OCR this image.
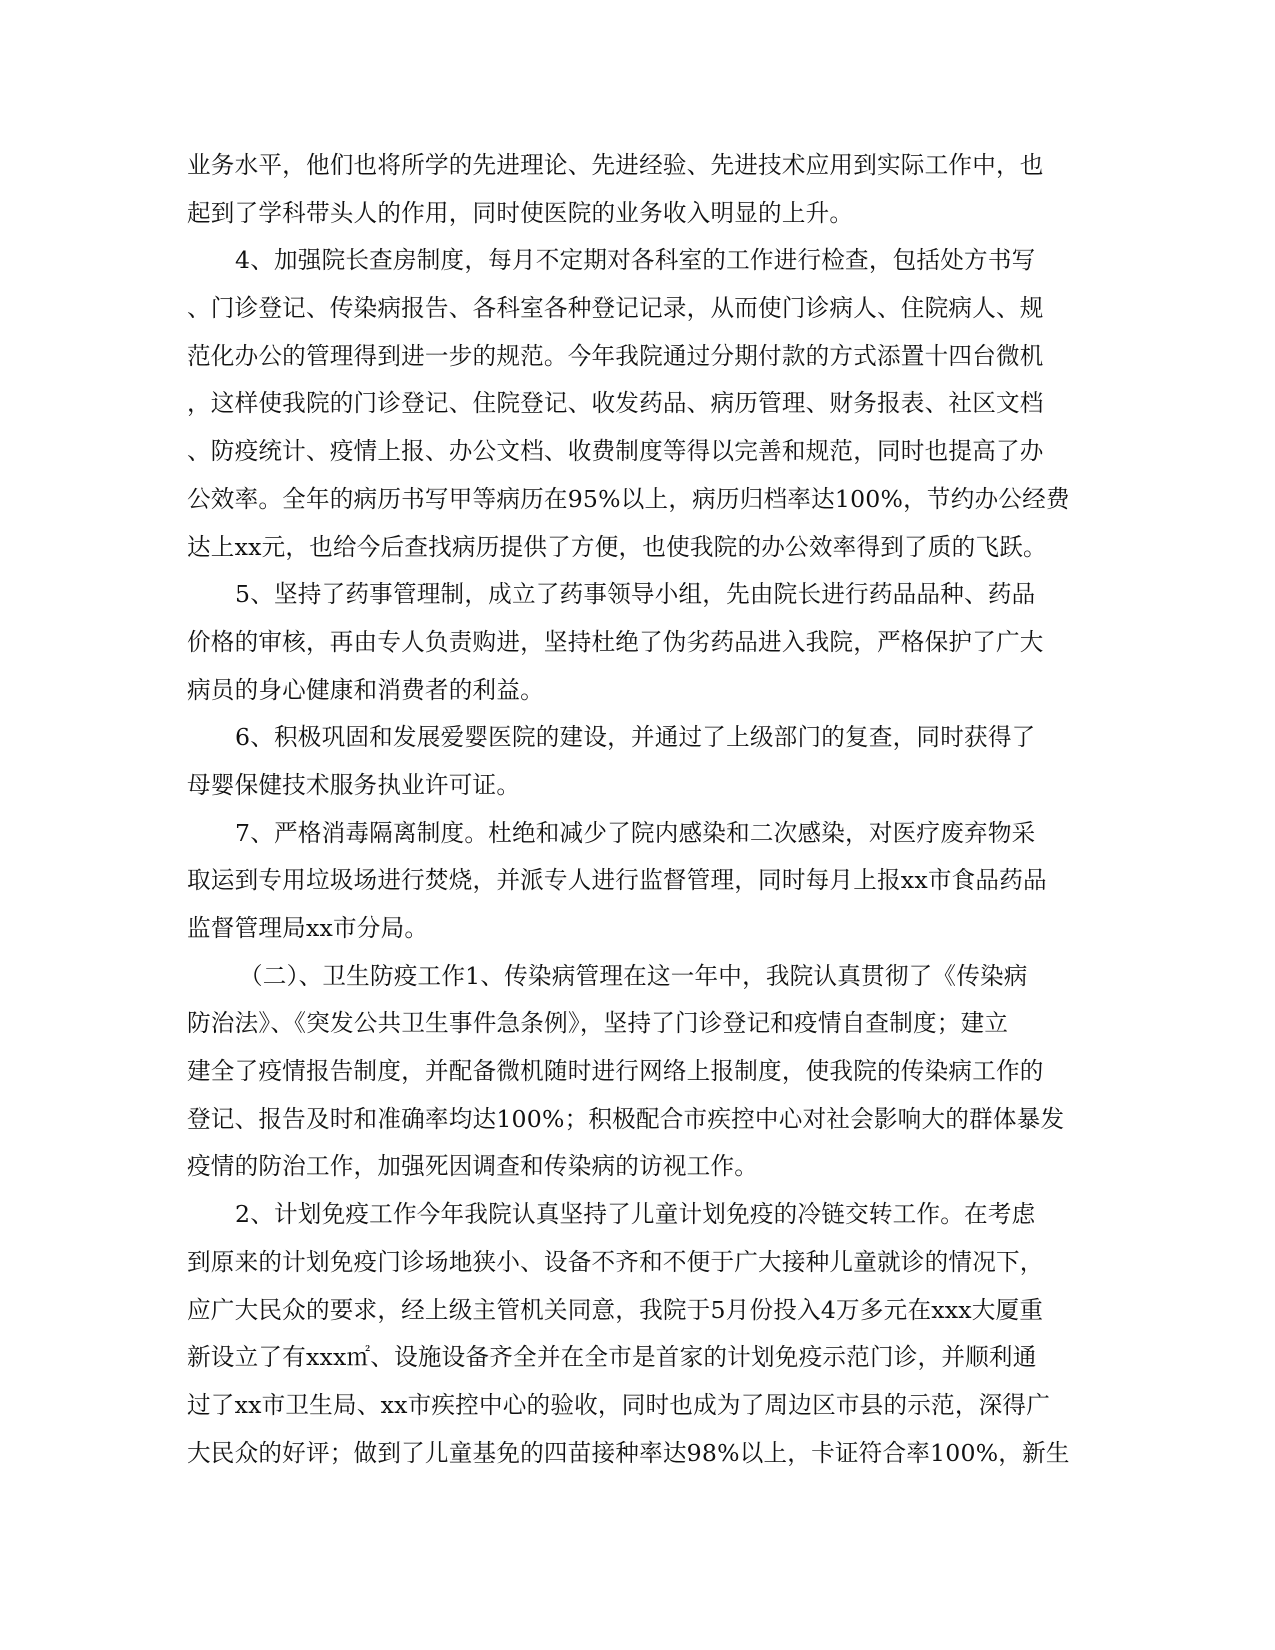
业务水平，他们也将所学的先进理论、先进经验、先进技术应用到实际工作中，也
起到了学科带头人的作用，同时使医院的业务收入明显的上升。
4、加强院长查房制度，每月不定期对各科室的工作进行检查，包括处方书写
、门诊登记、传染病报告、各科室各种登记记录，从而使门诊病人、住院病人、规
范化办公的管理得到进一步的规范。今年我院通过分期付款的方式添置十四台微机
，这样使我院的门诊登记、住院登记、收发药品、病历管理、财务报表、社区文档
、防疫统计、疫情上报、办公文档、收费制度等得以完善和规范，同时也提高了办
公效率。全年的病历书写甲等病历在95%以上，病历归档率达100%，节约办公经费
达上xx元，也给今后查找病历提供了方便，也使我院的办公效率得到了质的飞跃。
5、坚持了药事管理制，成立了药事领导小组，先由院长进行药品品种、药品
价格的审核，再由专人负责购进，坚持杜绝了伪劣药品进入我院，严格保护了广大
病员的身心健康和消费者的利益。
6、积极巩固和发展爱婴医院的建设，并通过了上级部门的复查，同时获得了
母婴保健技术服务执业许可证。
7、严格消毒隔离制度。杜绝和减少了院内感染和二次感染，对医疗废弃物采
取运到专用垃圾场进行焚烧，并派专人进行监督管理，同时每月上报xx市食品药品
监督管理局xx市分局。
（二）、卫生防疫工作1、传染病管理在这一年中，我院认真贯彻了《传染病
防治法》、《突发公共卫生事件急条例》，坚持了门诊登记和疫情自查制度；建立
建全了疫情报告制度，并配备微机随时进行网络上报制度，使我院的传染病工作的
登记、报告及时和准确率均达100%；积极配合市疾控中心对社会影响大的群体暴发
疫情的防治工作，加强死因调查和传染病的访视工作。
2、计划免疫工作今年我院认真坚持了儿童计划免疫的冷链交转工作。在考虑
到原来的计划免疫门诊场地狭小、设备不齐和不便于广大接种儿童就诊的情况下，
应广大民众的要求，经上级主管机关同意，我院于5月份投入4万多元在xxx大厦重
新设立了有xxx㎡、设施设备齐全并在全市是首家的计划免疫示范门诊，并顺利通
过了xx市卫生局、xx市疾控中心的验收，同时也成为了周边区市县的示范，深得广
大民众的好评；做到了儿童基免的四苗接种率达98%以上，卡证符合率100%，新生
